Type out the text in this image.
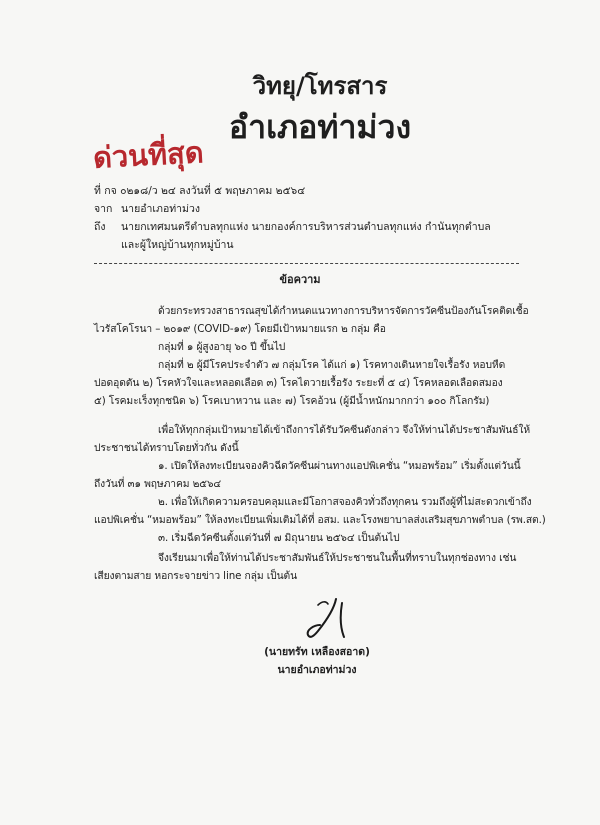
วิทยุ/โทรสาร
อำเภอท่าม่วง
ด่วนที่สุด
ที่ กจ ๐๒๑๘/ว ๒๔ ลงวันที่ ๕ พฤษภาคม ๒๕๖๔
จาก นายอำเภอท่าม่วง
ถึง นายกเทศมนตรีตำบลทุกแห่ง นายกองค์การบริหารส่วนตำบลทุกแห่ง กำนันทุกตำบล
และผู้ใหญ่บ้านทุกหมู่บ้าน
ข้อความ
ด้วยกระทรวงสาธารณสุขได้กำหนดแนวทางการบริหารจัดการวัคซีนป้องกันโรคติดเชื้อ
ไวรัสโคโรนา – ๒๐๑๙ (COVID-๑๙) โดยมีเป้าหมายแรก ๒ กลุ่ม คือ
กลุ่มที่ ๑ ผู้สูงอายุ ๖๐ ปี ขึ้นไป
กลุ่มที่ ๒ ผู้มีโรคประจำตัว ๗ กลุ่มโรค ได้แก่ ๑) โรคทางเดินหายใจเรื้อรัง หอบหืด
ปอดอุดตัน ๒) โรคหัวใจและหลอดเลือด ๓) โรคไตวายเรื้อรัง ระยะที่ ๕ ๔) โรคหลอดเลือดสมอง
๕) โรคมะเร็งทุกชนิด ๖) โรคเบาหวาน และ ๗) โรคอ้วน (ผู้มีน้ำหนักมากกว่า ๑๐๐ กิโลกรัม)
เพื่อให้ทุกกลุ่มเป้าหมายได้เข้าถึงการได้รับวัคซีนดังกล่าว จึงให้ท่านได้ประชาสัมพันธ์ให้
ประชาชนได้ทราบโดยทั่วกัน ดังนี้
๑. เปิดให้ลงทะเบียนจองคิวฉีดวัคซีนผ่านทางแอปพิเคชั่น “หมอพร้อม” เริ่มตั้งแต่วันนี้
ถึงวันที่ ๓๑ พฤษภาคม ๒๕๖๔
๒. เพื่อให้เกิดความครอบคลุมและมีโอกาสจองคิวทั่วถึงทุกคน รวมถึงผู้ที่ไม่สะดวกเข้าถึง
แอปพิเคชั่น “หมอพร้อม” ให้ลงทะเบียนเพิ่มเติมได้ที่ อสม. และโรงพยาบาลส่งเสริมสุขภาพตำบล (รพ.สต.)
๓. เริ่มฉีดวัคซีนตั้งแต่วันที่ ๗ มิถุนายน ๒๕๖๔ เป็นต้นไป
จึงเรียนมาเพื่อให้ท่านได้ประชาสัมพันธ์ให้ประชาชนในพื้นที่ทราบในทุกช่องทาง เช่น
เสียงตามสาย หอกระจายข่าว line กลุ่ม เป็นต้น
(นายทรัท เหลืองสอาด)
นายอำเภอท่าม่วง
